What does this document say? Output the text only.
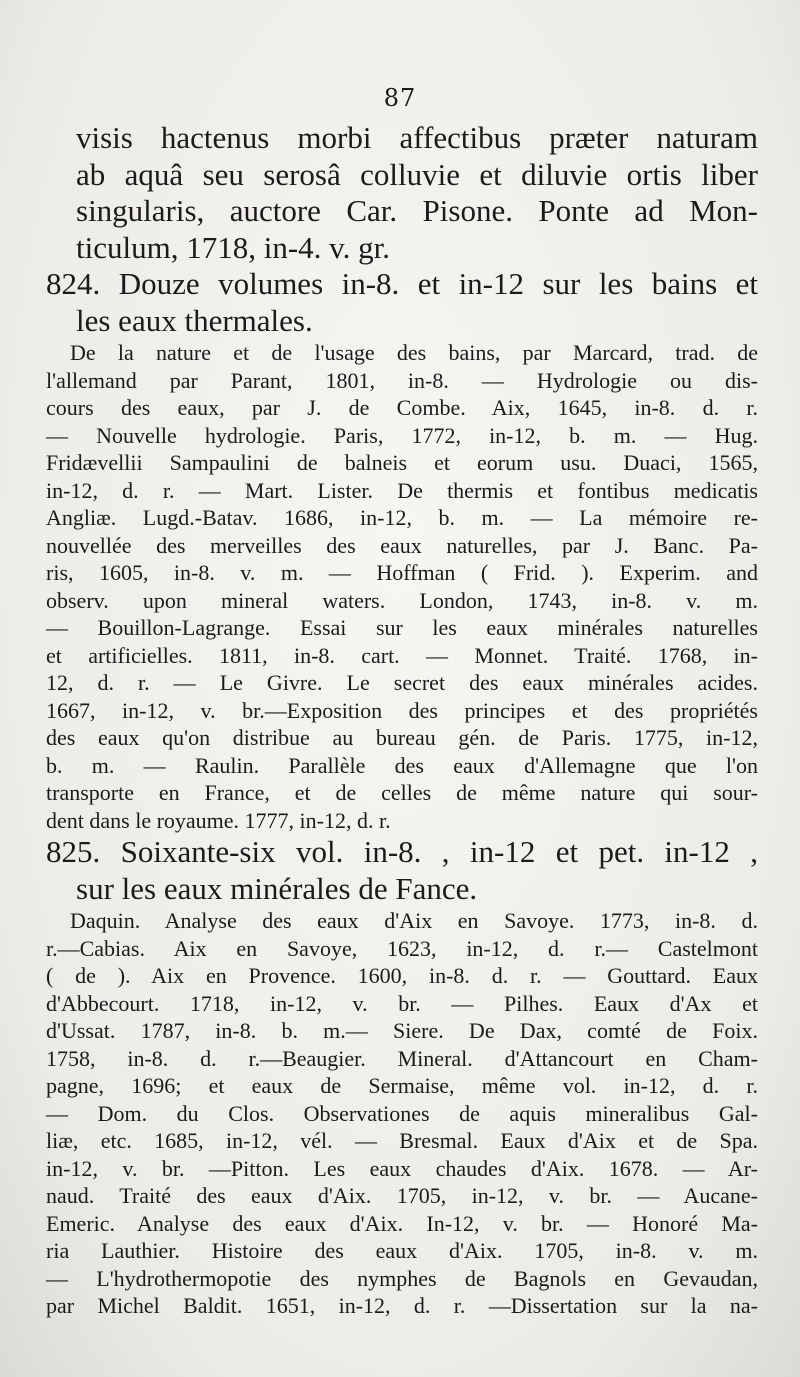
87

visis hactenus morbi affectibus præter naturam
ab aquâ seu serosâ colluvie et diluvie ortis liber
singularis, auctore Car. Pisone. Ponte ad Mon-
ticulum, 1718, in-4. v. gr.

824. Douze volumes in-8. et in-12 sur les bains et
les eaux thermales.

De la nature et de l'usage des bains, par Marcard, trad. de
l'allemand par Parant, 1801, in-8. — Hydrologie ou dis-
cours des eaux, par J. de Combe. Aix, 1645, in-8. d. r.
— Nouvelle hydrologie. Paris, 1772, in-12, b. m. — Hug.
Fridævellii Sampaulini de balneis et eorum usu. Duaci, 1565,
in-12, d. r. — Mart. Lister. De thermis et fontibus medicatis
Angliæ. Lugd.-Batav. 1686, in-12, b. m. — La mémoire re-
nouvellée des merveilles des eaux naturelles, par J. Banc. Pa-
ris, 1605, in-8. v. m. — Hoffman ( Frid. ). Experim. and
observ. upon mineral waters. London, 1743, in-8. v. m.
— Bouillon-Lagrange. Essai sur les eaux minérales naturelles
et artificielles. 1811, in-8. cart. — Monnet. Traité. 1768, in-
12, d. r. — Le Givre. Le secret des eaux minérales acides.
1667, in-12, v. br.—Exposition des principes et des propriétés
des eaux qu'on distribue au bureau gén. de Paris. 1775, in-12,
b. m. — Raulin. Parallèle des eaux d'Allemagne que l'on
transporte en France, et de celles de même nature qui sour-
dent dans le royaume. 1777, in-12, d. r.

825. Soixante-six vol. in-8. , in-12 et pet. in-12 ,
sur les eaux minérales de Fance.

Daquin. Analyse des eaux d'Aix en Savoye. 1773, in-8. d.
r.—Cabias. Aix en Savoye, 1623, in-12, d. r.— Castelmont
( de ). Aix en Provence. 1600, in-8. d. r. — Gouttard. Eaux
d'Abbecourt. 1718, in-12, v. br. — Pilhes. Eaux d'Ax et
d'Ussat. 1787, in-8. b. m.— Siere. De Dax, comté de Foix.
1758, in-8. d. r.—Beaugier. Mineral. d'Attancourt en Cham-
pagne, 1696; et eaux de Sermaise, même vol. in-12, d. r.
— Dom. du Clos. Observationes de aquis mineralibus Gal-
liæ, etc. 1685, in-12, vél. — Bresmal. Eaux d'Aix et de Spa.
in-12, v. br. —Pitton. Les eaux chaudes d'Aix. 1678. — Ar-
naud. Traité des eaux d'Aix. 1705, in-12, v. br. — Aucane-
Emeric. Analyse des eaux d'Aix. In-12, v. br. — Honoré Ma-
ria Lauthier. Histoire des eaux d'Aix. 1705, in-8. v. m.
— L'hydrothermopotie des nymphes de Bagnols en Gevaudan,
par Michel Baldit. 1651, in-12, d. r. —Dissertation sur la na-
